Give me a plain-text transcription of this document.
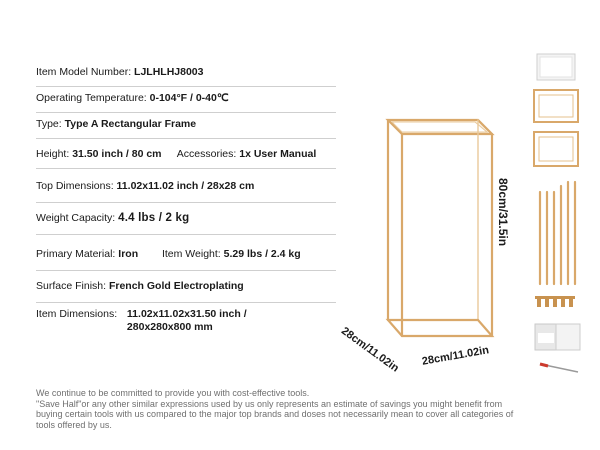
Item Model Number: LJLHLHJ8003
Operating Temperature: 0-104°F / 0-40℃
Type: Type A Rectangular Frame
Height: 31.50 inch / 80 cm Accessories: 1x User Manual
Top Dimensions: 11.02x11.02 inch / 28x28 cm
Weight Capacity: 4.4 lbs / 2 kg
Primary Material: Iron Item Weight: 5.29 lbs / 2.4 kg
Surface Finish: French Gold Electroplating
Item Dimensions: 11.02x11.02x31.50 inch /
280x280x800 mm
80cm/31.5in
28cm/11.02in 28cm/11.02in
We continue to be committed to provide you with cost-effective tools.
"Save Half"or any other similar expressions used by us only represents an estimate of savings you might benefit from
buying certain tools with us compared to the major top brands and doses not necessarily mean to cover all categories of
tools offered by us.
